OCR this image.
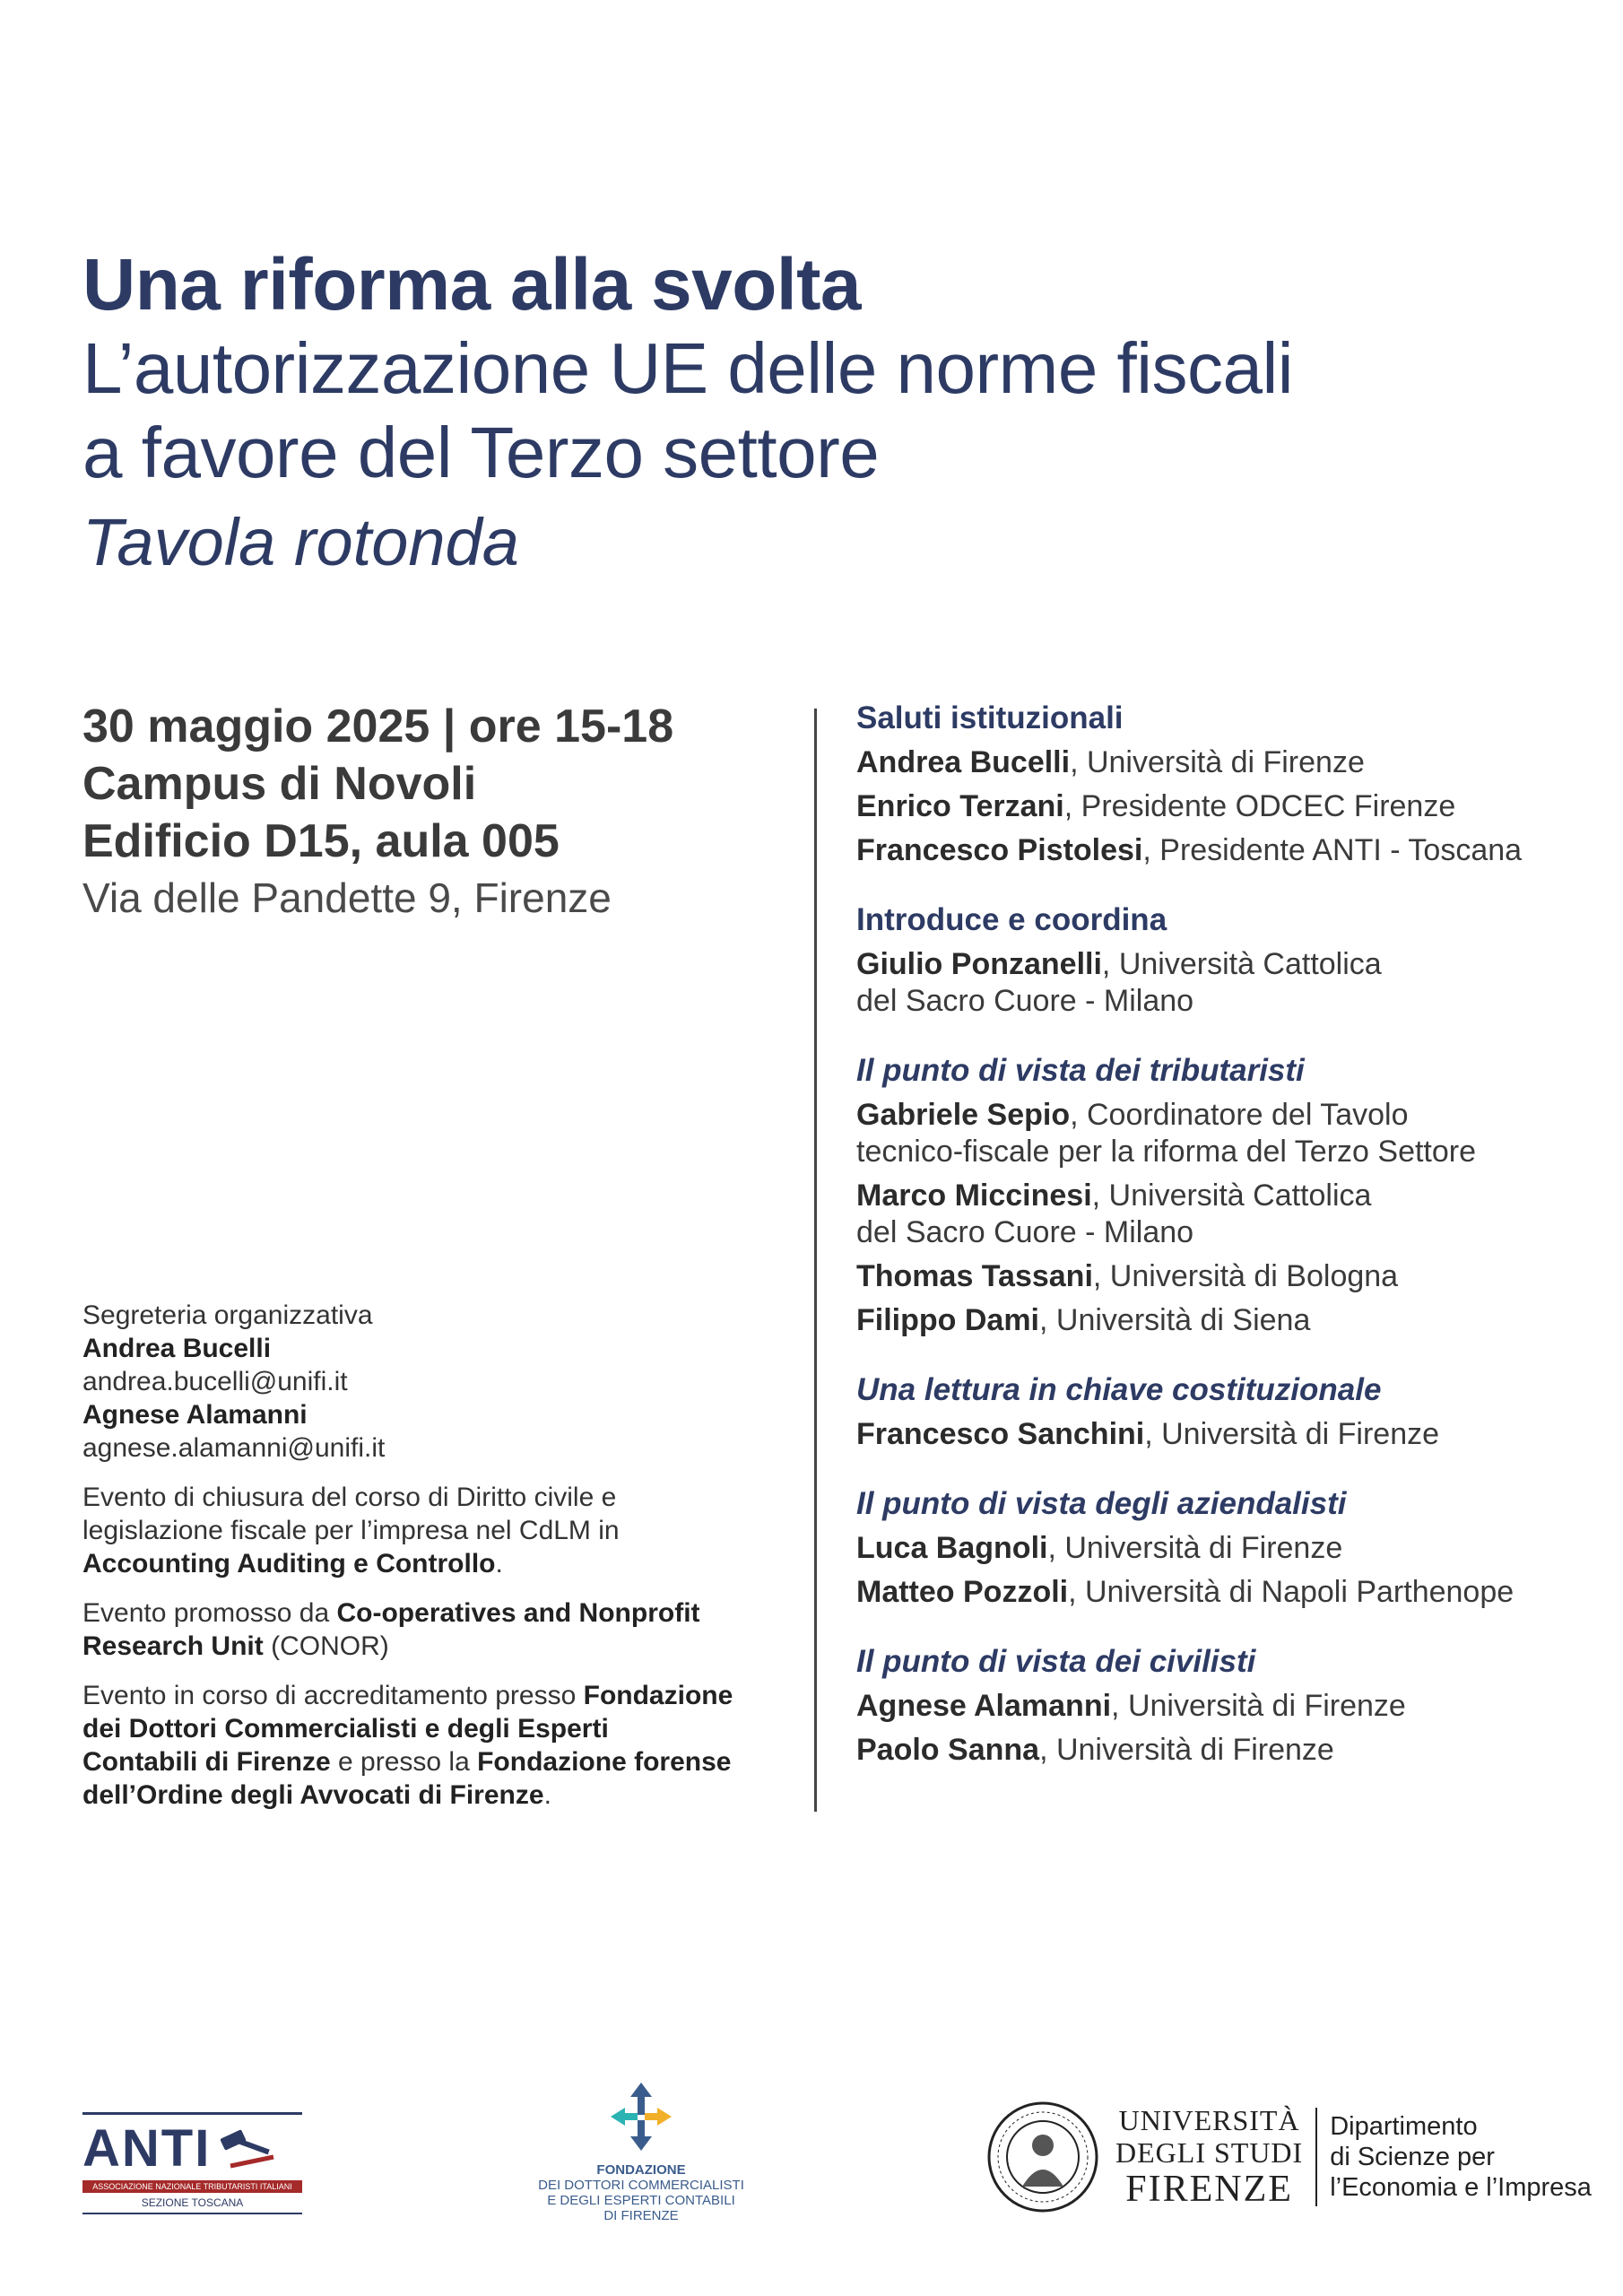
Una riforma alla svolta

L’autorizzazione UE delle norme fiscali

a favore del Terzo settore

Tavola rotonda

30 maggio 2025 | ore 15-18
Campus di Novoli
Edificio D15, aula 005
Via delle Pandette 9, Firenze
Segreteria organizzativa
Andrea Bucelli
andrea.bucelli@unifi.it
Agnese Alamanni
agnese.alamanni@unifi.it
Evento di chiusura del corso di Diritto civile e
legislazione fiscale per l’impresa nel CdLM in
Accounting Auditing e Controllo.
Evento promosso da Co-operatives and Nonprofit
Research Unit (CONOR)
Evento in corso di accreditamento presso Fondazione
dei Dottori Commercialisti e degli Esperti
Contabili di Firenze e presso la Fondazione forense
dell’Ordine degli Avvocati di Firenze.
Saluti istituzionali
Andrea Bucelli, Università di Firenze
Enrico Terzani, Presidente ODCEC Firenze
Francesco Pistolesi, Presidente ANTI - Toscana
Introduce e coordina
Giulio Ponzanelli, Università Cattolica
del Sacro Cuore - Milano
Il punto di vista dei tributaristi
Gabriele Sepio, Coordinatore del Tavolo
tecnico-fiscale per la riforma del Terzo Settore
Marco Miccinesi, Università Cattolica
del Sacro Cuore - Milano
Thomas Tassani, Università di Bologna
Filippo Dami, Università di Siena
Una lettura in chiave costituzionale
Francesco Sanchini, Università di Firenze
Il punto di vista degli aziendalisti
Luca Bagnoli, Università di Firenze
Matteo Pozzoli, Università di Napoli Parthenope
Il punto di vista dei civilisti
Agnese Alamanni, Università di Firenze
Paolo Sanna, Università di Firenze
ANTI
ASSOCIAZIONE NAZIONALE TRIBUTARISTI ITALIANI
SEZIONE TOSCANA
FONDAZIONE
DEI DOTTORI COMMERCIALISTI
E DEGLI ESPERTI CONTABILI
DI FIRENZE
UNIVERSITÀ
DEGLI STUDI
FIRENZE
Dipartimento
di Scienze per
l’Economia e l’Impresa
